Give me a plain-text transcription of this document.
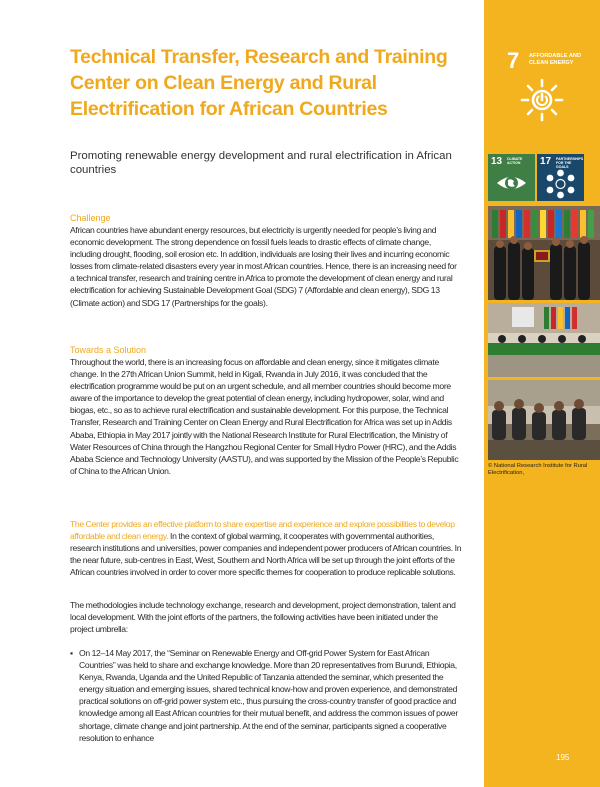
Technical Transfer, Research and Training Center on Clean Energy and Rural Electrification for African Countries

Promoting renewable energy development and rural electrification in African countries

Challenge

African countries have abundant energy resources, but electricity is urgently needed for people’s living and economic development. The strong dependence on fossil fuels leads to drastic effects of climate change, including drought, flooding, soil erosion etc. In addition, individuals are losing their lives and incurring economic losses from climate-related disasters every year in most African countries. Hence, there is an increasing need for a technical transfer, research and training centre in Africa to promote the development of clean energy and rural electrification for achieving Sustainable Development Goal (SDG) 7 (Affordable and clean energy), SDG 13 (Climate action) and SDG 17 (Partnerships for the goals).

Towards a Solution

Throughout the world, there is an increasing focus on affordable and clean energy, since it mitigates climate change. In the 27th African Union Summit, held in Kigali, Rwanda in July 2016, it was concluded that the electrification programme would be put on an urgent schedule, and all member countries should become more aware of the importance to develop the great potential of clean energy, including hydropower, solar, wind and biogas, etc., so as to achieve rural electrification and sustainable development. For this purpose, the Technical Transfer, Research and Training Center on Clean Energy and Rural Electrification for Africa was set up in Addis Ababa, Ethiopia in May 2017 jointly with the National Research Institute for Rural Electrification, the Ministry of Water Resources of China through the Hangzhou Regional Center for Small Hydro Power (HRC), and the Addis Ababa Science and Technology University (AASTU), and was supported by the Mission of the People’s Republic of China to the African Union.

The Center provides an effective platform to share expertise and experience and explore possibilities to develop affordable and clean energy. In the context of global warming, it cooperates with governmental authorities, research institutions and universities, power companies and independent power producers of African countries. In the near future, sub-centres in East, West, Southern and North Africa will be set up through the joint efforts of the African countries involved in order to cover more specific themes for cooperation to produce replicable solutions.

The methodologies include technology exchange, research and development, project demonstration, talent and local development. With the joint efforts of the partners, the following activities have been initiated under the project umbrella:

▪ On 12–14 May 2017, the “Seminar on Renewable Energy and Off-grid Power System for East African Countries” was held to share and exchange knowledge. More than 20 representatives from Burundi, Ethiopia, Kenya, Rwanda, Uganda and the United Republic of Tanzania attended the seminar, which presented the energy situation and emerging issues, shared technical know-how and proven experience, and demonstrated practical solutions on off-grid power system etc., thus pursuing the cross-country transfer of good practice and knowledge among all East African countries for their mutual benefit, and address the common issues of power shortage, climate change and joint partnership. At the end of the seminar, participants signed a cooperative resolution to enhance
7 AFFORDABLE AND CLEAN ENERGY
13 CLIMATE ACTION	17 PARTNERSHIPS FOR THE GOALS

© National Research Institute for Rural Electrification,

195
